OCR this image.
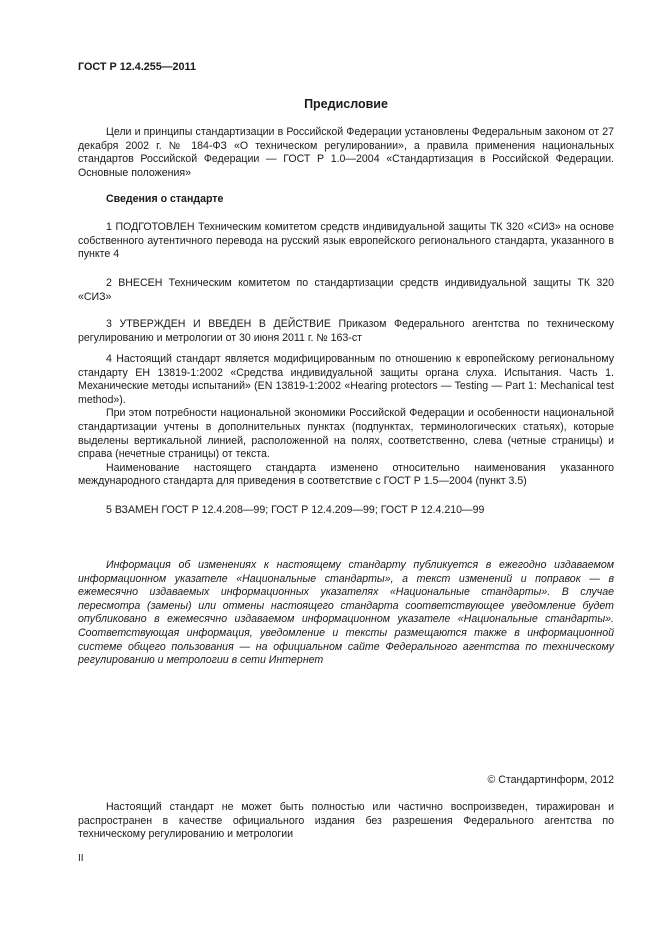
ГОСТ Р 12.4.255—2011
Предисловие

Цели и принципы стандартизации в Российской Федерации установлены Федеральным законом от 27 декабря 2002 г. № 184-ФЗ «О техническом регулировании», а правила применения национальных стандартов Российской Федерации — ГОСТ Р 1.0—2004 «Стандартизация в Российской Федерации. Основные положения»

Сведения о стандарте

1 ПОДГОТОВЛЕН Техническим комитетом средств индивидуальной защиты ТК 320 «СИЗ» на основе собственного аутентичного перевода на русский язык европейского регионального стандарта, указанного в пункте 4

2 ВНЕСЕН Техническим комитетом по стандартизации средств индивидуальной защиты ТК 320 «СИЗ»

3 УТВЕРЖДЕН И ВВЕДЕН В ДЕЙСТВИЕ Приказом Федерального агентства по техническому регулированию и метрологии от 30 июня 2011 г. № 163-ст

4 Настоящий стандарт является модифицированным по отношению к европейскому региональному стандарту ЕН 13819-1:2002 «Средства индивидуальной защиты органа слуха. Испытания. Часть 1. Механические методы испытаний» (EN 13819-1:2002 «Hearing protectors — Testing — Part 1: Mechanical test method»).

При этом потребности национальной экономики Российской Федерации и особенности национальной стандартизации учтены в дополнительных пунктах (подпунктах, терминологических статьях), которые выделены вертикальной линией, расположенной на полях, соответственно, слева (четные страницы) и справа (нечетные страницы) от текста.

Наименование настоящего стандарта изменено относительно наименования указанного международного стандарта для приведения в соответствие с ГОСТ Р 1.5—2004 (пункт 3.5)

5 ВЗАМЕН ГОСТ Р 12.4.208—99; ГОСТ Р 12.4.209—99; ГОСТ Р 12.4.210—99

Информация об изменениях к настоящему стандарту публикуется в ежегодно издаваемом информационном указателе «Национальные стандарты», а текст изменений и поправок — в ежемесячно издаваемых информационных указателях «Национальные стандарты». В случае пересмотра (замены) или отмены настоящего стандарта соответствующее уведомление будет опубликовано в ежемесячно издаваемом информационном указателе «Национальные стандарты». Соответствующая информация, уведомление и тексты размещаются также в информационной системе общего пользования — на официальном сайте Федерального агентства по техническому регулированию и метрологии в сети Интернет

© Стандартинформ, 2012

Настоящий стандарт не может быть полностью или частично воспроизведен, тиражирован и распространен в качестве официального издания без разрешения Федерального агентства по техническому регулированию и метрологии

II
